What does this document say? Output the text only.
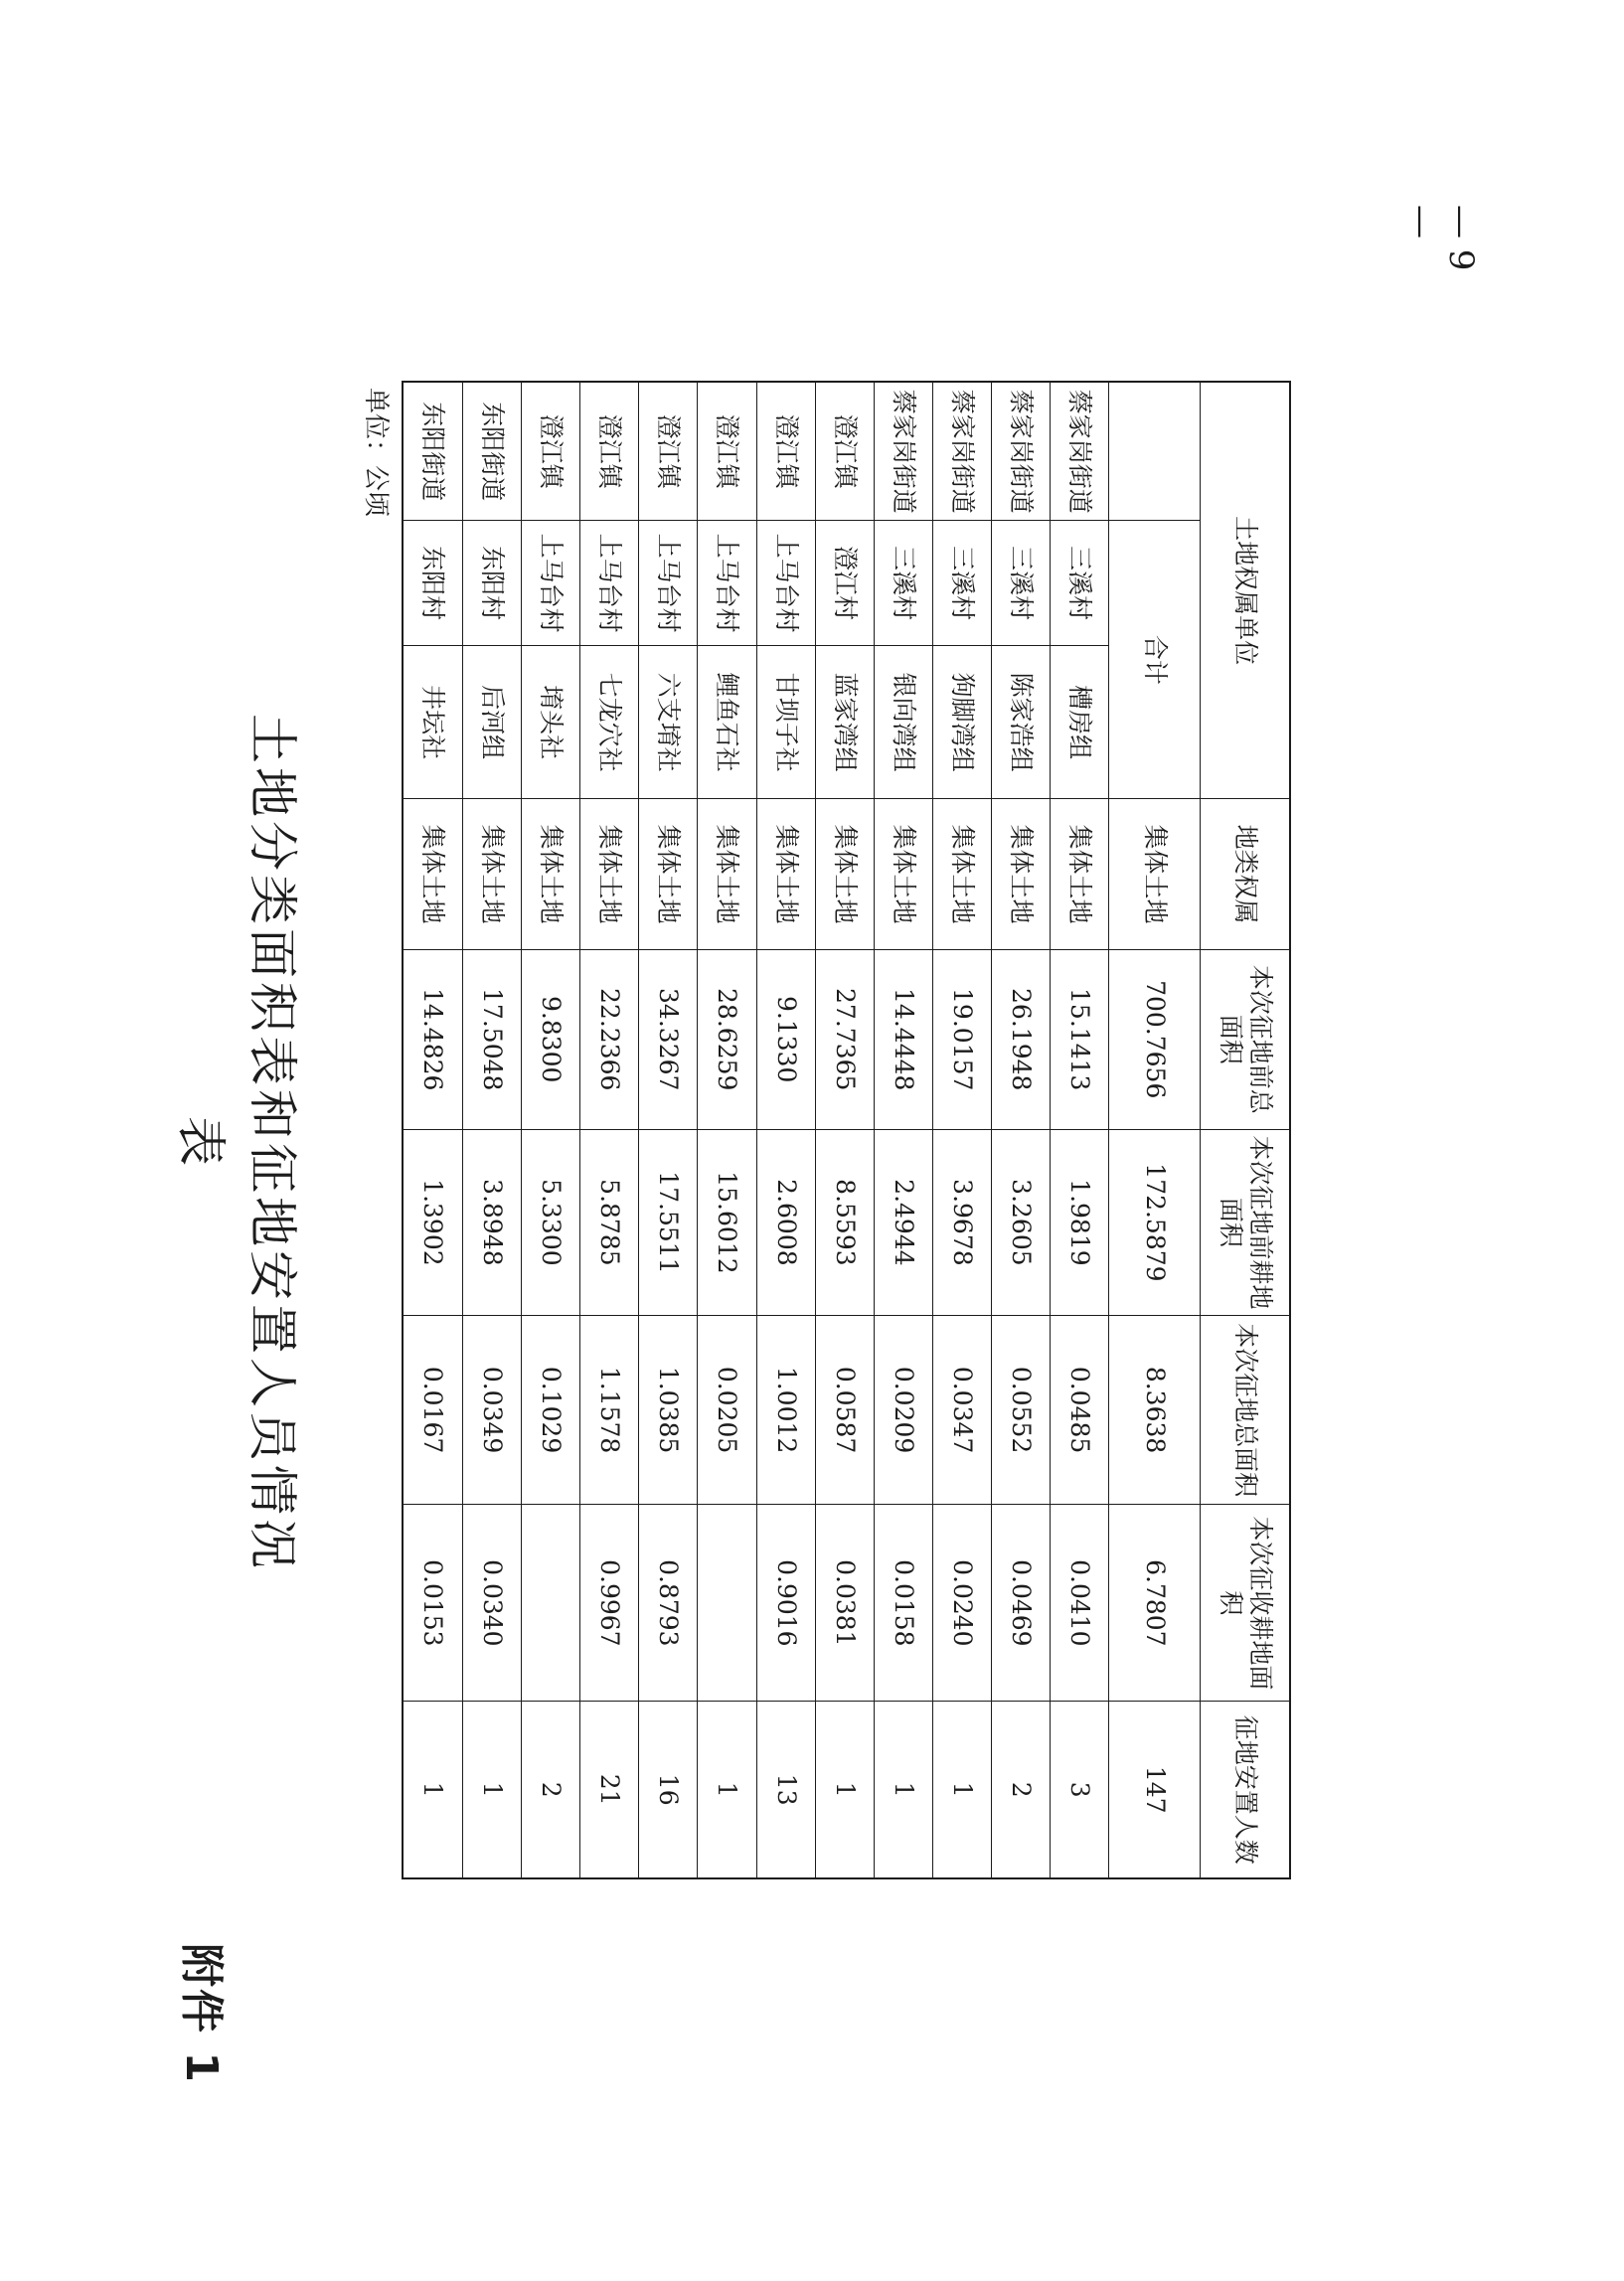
— 9 —
附件 1
土地分类面积表和征地安置人员情况表
单位：公顷
土地权属单位			地类权属	本次征地前总面积	本次征地前耕地面积	本次征地总面积	本次征收耕地面积	征地安置人数
	合计		集体土地	700.7656	172.5879	8.3638	6.7807	147
蔡家岗街道	三溪村	槽房组	集体土地	15.1413	1.9819	0.0485	0.0410	3
蔡家岗街道	三溪村	陈家浩组	集体土地	26.1948	3.2605	0.0552	0.0469	2
蔡家岗街道	三溪村	狗脚湾组	集体土地	19.0157	3.9678	0.0347	0.0240	1
蔡家岗街道	三溪村	银向湾组	集体土地	14.4448	2.4944	0.0209	0.0158	1
澄江镇	澄江村	蓝家湾组	集体土地	27.7365	8.5593	0.0587	0.0381	1
澄江镇	上马台村	甘坝子社	集体土地	9.1330	2.6008	1.0012	0.9016	13
澄江镇	上马台村	鲤鱼石社	集体土地	28.6259	15.6012	0.0205		1
澄江镇	上马台村	六支堉社	集体土地	34.3267	17.5511	1.0385	0.8793	16
澄江镇	上马台村	七龙穴社	集体土地	22.2366	5.8785	1.1578	0.9967	21
澄江镇	上马台村	堉头社	集体土地	9.8300	5.3300	0.1029		2
东阳街道	东阳村	后河组	集体土地	17.5048	3.8948	0.0349	0.0340	1
东阳街道	东阳村	井坛社	集体土地	14.4826	1.3902	0.0167	0.0153	1
